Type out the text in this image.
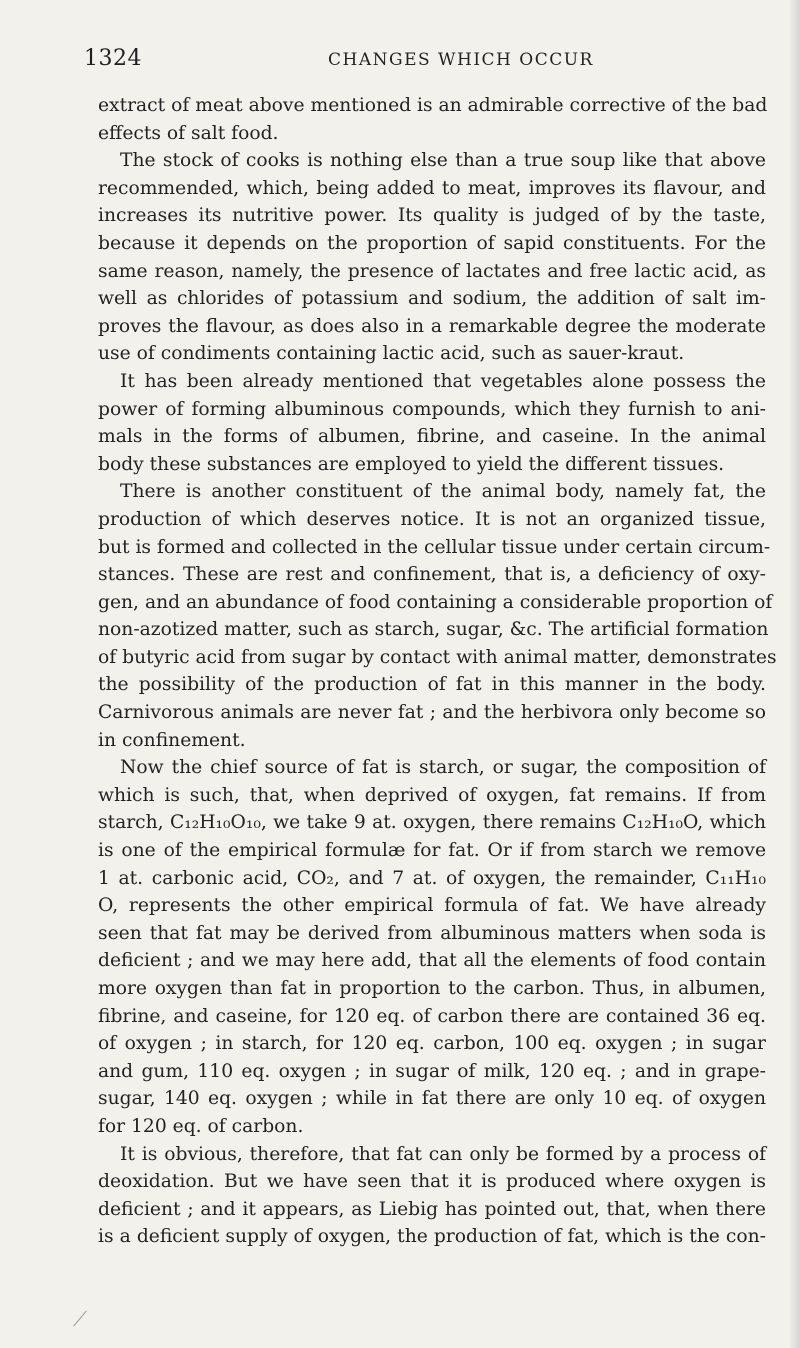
1324	CHANGES WHICH OCCUR
extract of meat above mentioned is an admirable corrective of the bad
effects of salt food.
The stock of cooks is nothing else than a true soup like that above
recommended, which, being added to meat, improves its flavour, and
increases its nutritive power. Its quality is judged of by the taste,
because it depends on the proportion of sapid constituents. For the
same reason, namely, the presence of lactates and free lactic acid, as
well as chlorides of potassium and sodium, the addition of salt im-
proves the flavour, as does also in a remarkable degree the moderate
use of condiments containing lactic acid, such as sauer-kraut.
It has been already mentioned that vegetables alone possess the
power of forming albuminous compounds, which they furnish to ani-
mals in the forms of albumen, fibrine, and caseine. In the animal
body these substances are employed to yield the different tissues.
There is another constituent of the animal body, namely fat, the
production of which deserves notice. It is not an organized tissue,
but is formed and collected in the cellular tissue under certain circum-
stances. These are rest and confinement, that is, a deficiency of oxy-
gen, and an abundance of food containing a considerable proportion of
non-azotized matter, such as starch, sugar, &c. The artificial formation
of butyric acid from sugar by contact with animal matter, demonstrates
the possibility of the production of fat in this manner in the body.
Carnivorous animals are never fat ; and the herbivora only become so
in confinement.
Now the chief source of fat is starch, or sugar, the composition of
which is such, that, when deprived of oxygen, fat remains. If from
starch, C₁₂H₁₀O₁₀, we take 9 at. oxygen, there remains C₁₂H₁₀O, which
is one of the empirical formulæ for fat. Or if from starch we remove
1 at. carbonic acid, CO₂, and 7 at. of oxygen, the remainder, C₁₁H₁₀
O, represents the other empirical formula of fat. We have already
seen that fat may be derived from albuminous matters when soda is
deficient ; and we may here add, that all the elements of food contain
more oxygen than fat in proportion to the carbon. Thus, in albumen,
fibrine, and caseine, for 120 eq. of carbon there are contained 36 eq.
of oxygen ; in starch, for 120 eq. carbon, 100 eq. oxygen ; in sugar
and gum, 110 eq. oxygen ; in sugar of milk, 120 eq. ; and in grape-
sugar, 140 eq. oxygen ; while in fat there are only 10 eq. of oxygen
for 120 eq. of carbon.
It is obvious, therefore, that fat can only be formed by a process of
deoxidation. But we have seen that it is produced where oxygen is
deficient ; and it appears, as Liebig has pointed out, that, when there
is a deficient supply of oxygen, the production of fat, which is the con-
